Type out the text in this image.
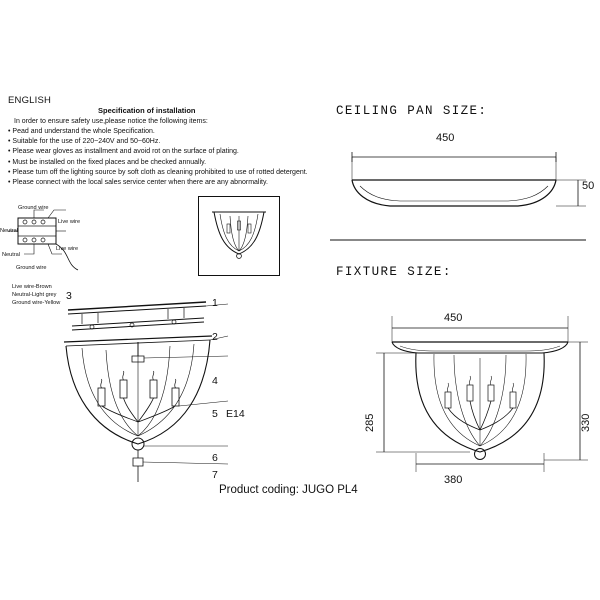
ENGLISH
Specification of installation
In order to ensure safety use,please notice the following items:
• Pead and understand the whole Specification.
• Suitable for the use of 220~240V and 50~60Hz.
• Please wear gloves as installment and avoid rot on the surface of plating.
• Must be installed on the fixed places and be checked annually.
• Please turn off the lighting source by soft cloth as cleaning prohibited to use of rotted detergent.
• Please connect with the local sales service center when there are any abnormality.
Ground wire
Live wire
Neutral
Live wire
Neutral
Ground wire
Live wire-Brown
Neutral-Light grey
Ground wire-Yellow
3
1
2
4
5 E14
6
7
Product coding: JUGO PL4
CEILING PAN SIZE:
450
50
FIXTURE SIZE:
450
380
285	330
